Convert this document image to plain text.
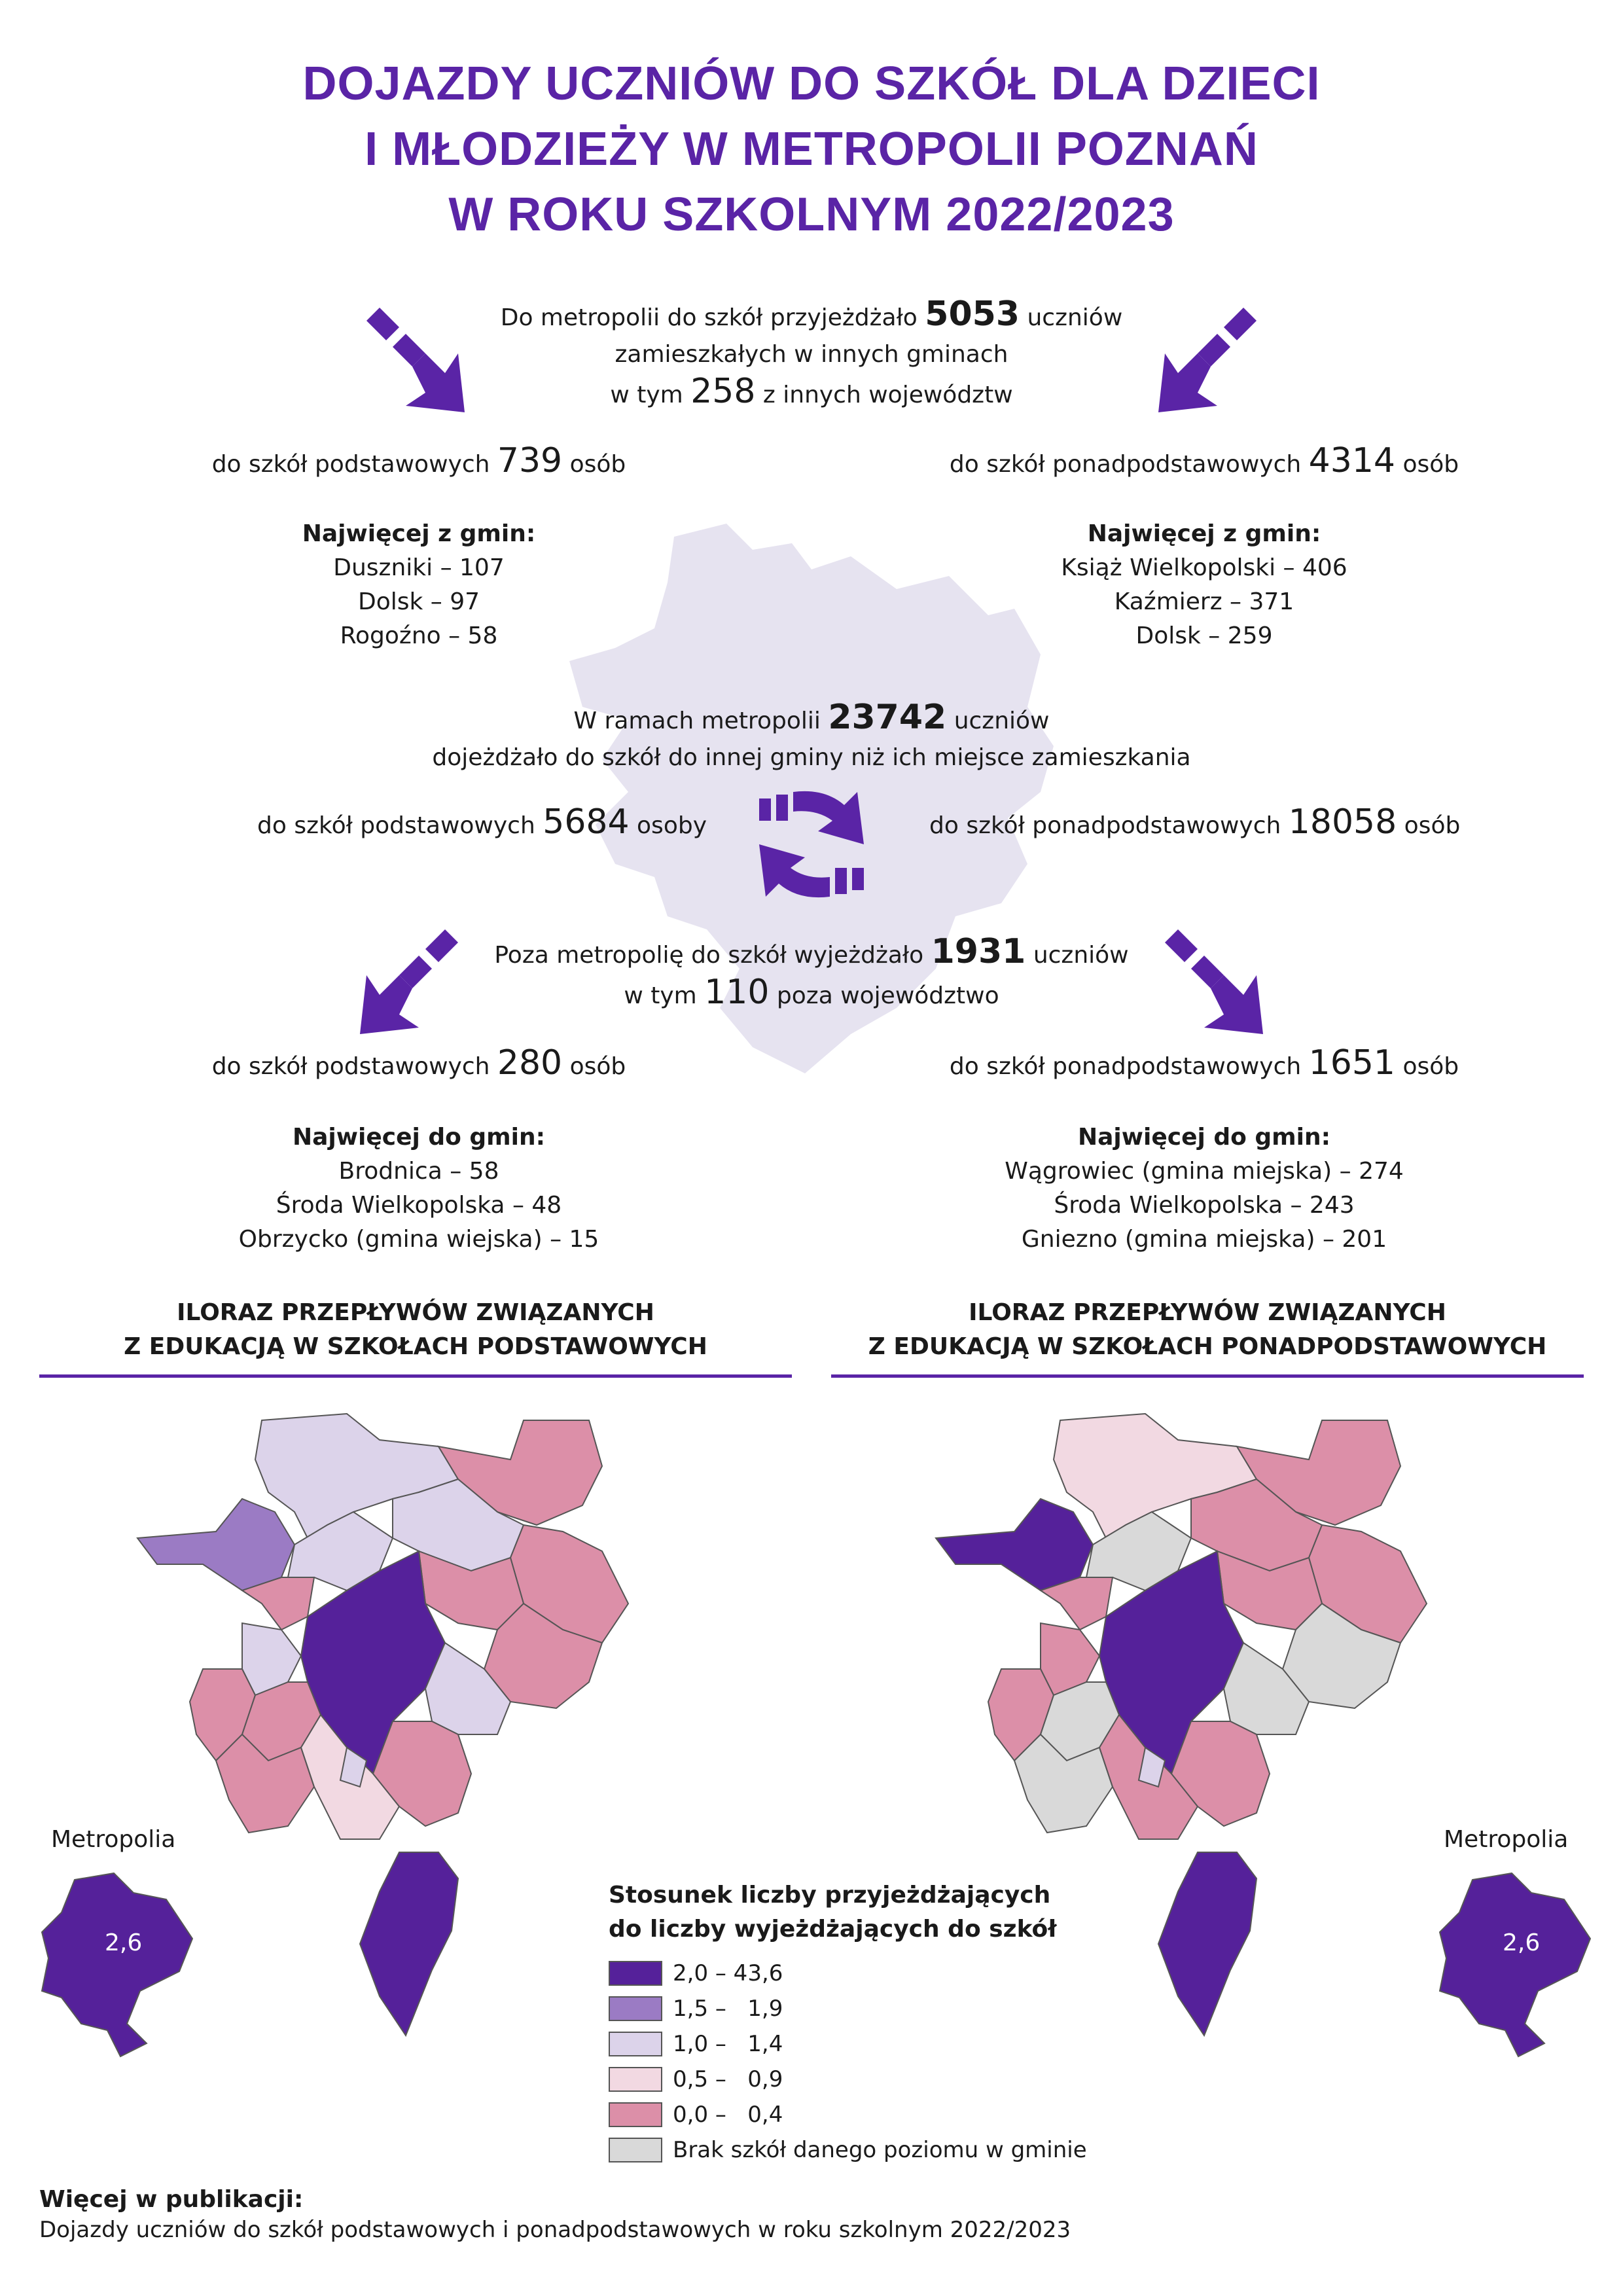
DOJAZDY UCZNIÓW DO SZKÓŁ DLA DZIECI
I MŁODZIEŻY W METROPOLII POZNAŃ
W ROKU SZKOLNYM 2022/2023
Do metropolii do szkół przyjeżdżało 5053 uczniów
zamieszkałych w innych gminach
w tym 258 z innych województw
do szkół podstawowych 739 osób	do szkół ponadpodstawowych 4314 osób
Najwięcej z gmin:
Duszniki – 107
Dolsk – 97
Rogoźno – 58
Najwięcej z gmin:
Książ Wielkopolski – 406
Kaźmierz – 371
Dolsk – 259
W ramach metropolii 23742 uczniów
dojeżdżało do szkół do innej gminy niż ich miejsce zamieszkania
do szkół podstawowych 5684 osoby	do szkół ponadpodstawowych 18058 osób
Poza metropolię do szkół wyjeżdżało 1931 uczniów
w tym 110 poza województwo
do szkół podstawowych 280 osób	do szkół ponadpodstawowych 1651 osób
Najwięcej do gmin:
Brodnica – 58
Środa Wielkopolska – 48
Obrzycko (gmina wiejska) – 15
Najwięcej do gmin:
Wągrowiec (gmina miejska) – 274
Środa Wielkopolska – 243
Gniezno (gmina miejska) – 201
ILORAZ PRZEPŁYWÓW ZWIĄZANYCH
Z EDUKACJĄ W SZKOŁACH PODSTAWOWYCH
ILORAZ PRZEPŁYWÓW ZWIĄZANYCH
Z EDUKACJĄ W SZKOŁACH PONADPODSTAWOWYCH
Metropolia
2,6
Metropolia
2,6
Stosunek liczby przyjeżdżających
do liczby wyjeżdżających do szkół
2,0 – 43,6
1,5 –   1,9
1,0 –   1,4
0,5 –   0,9
0,0 –   0,4
Brak szkół danego poziomu w gminie
Więcej w publikacji:
Dojazdy uczniów do szkół podstawowych i ponadpodstawowych w roku szkolnym 2022/2023
